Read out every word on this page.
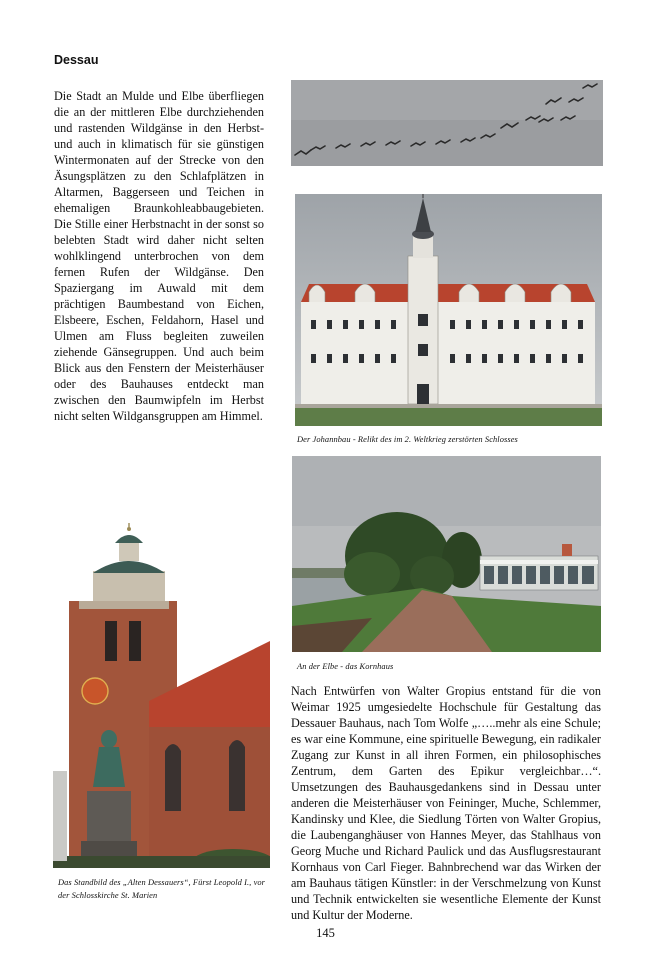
Dessau

Die Stadt an Mulde und Elbe überfliegen die an der mittleren Elbe durchziehenden und rastenden Wildgänse in den Herbst- und auch in klimatisch für sie günstigen Wintermonaten auf der Strecke von den Äsungsplätzen zu den Schlafplätzen in Altarmen, Baggerseen und Teichen in ehemaligen Braunkohleabbaugebieten. Die Stille einer Herbstnacht in der sonst so belebten Stadt wird daher nicht selten wohlklingend unterbrochen von dem fernen Rufen der Wildgänse. Den Spaziergang im Auwald mit dem prächtigen Baumbestand von Eichen, Elsbeere, Eschen, Feldahorn, Hasel und Ulmen am Fluss begleiten zuweilen ziehende Gänsegruppen. Und auch beim Blick aus den Fenstern der Meisterhäuser oder des Bauhauses entdeckt man zwischen den Baumwipfeln im Herbst nicht selten Wildgansgruppen am Himmel.

Der Johannbau - Relikt des im 2. Weltkrieg zerstörten Schlosses

An der Elbe - das Kornhaus

Das Standbild des „Alten Dessauers“, Fürst Leopold I., vor der Schlosskirche St. Marien

Nach Entwürfen von Walter Gropius entstand für die von Weimar 1925 umgesiedelte Hochschule für Gestaltung das Dessauer Bauhaus, nach Tom Wolfe „…..mehr als eine Schule; es war eine Kommune, eine spirituelle Bewegung, ein radikaler Zugang zur Kunst in all ihren Formen, ein philosophisches Zentrum, dem Garten des Epikur vergleichbar…“. Umsetzungen des Bauhausgedankens sind in Dessau unter anderen die Meisterhäuser von Feininger, Muche, Schlemmer, Kandinsky und Klee, die Siedlung Törten von Walter Gropius, die Laubenganghäuser von Hannes Meyer, das Stahlhaus von Georg Muche und Richard Paulick und das Ausflugsrestaurant Kornhaus von Carl Fieger. Bahnbrechend war das Wirken der am Bauhaus tätigen Künstler: in der Verschmelzung von Kunst und Technik entwickelten sie wesentliche Elemente der Kunst und Kultur der Moderne.

145
